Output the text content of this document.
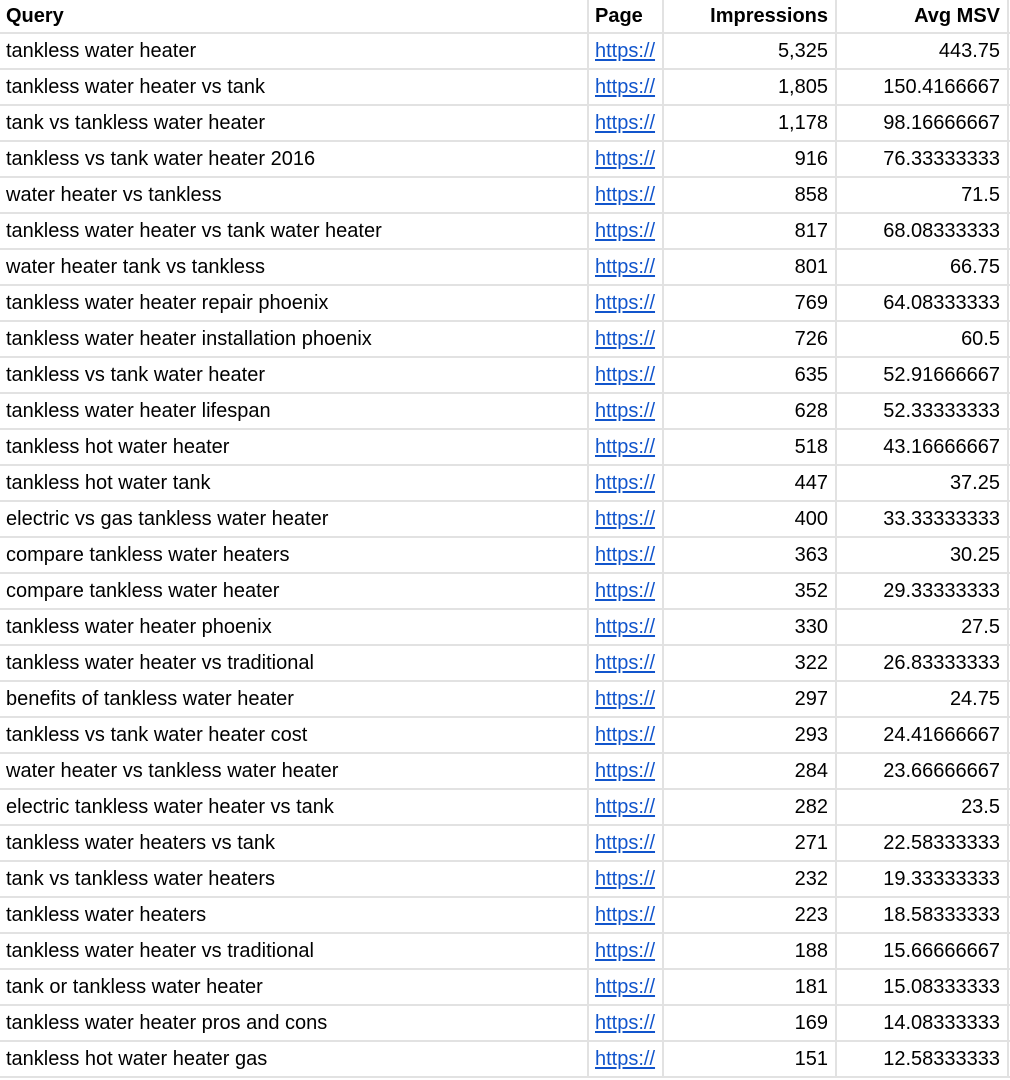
Query	Page	Impressions	Avg MSV	
tankless water heater	https://	5,325	443.75	
tankless water heater vs tank	https://	1,805	150.4166667	
tank vs tankless water heater	https://	1,178	98.16666667	
tankless vs tank water heater 2016	https://	916	76.33333333	
water heater vs tankless	https://	858	71.5	
tankless water heater vs tank water heater	https://	817	68.08333333	
water heater tank vs tankless	https://	801	66.75	
tankless water heater repair phoenix	https://	769	64.08333333	
tankless water heater installation phoenix	https://	726	60.5	
tankless vs tank water heater	https://	635	52.91666667	
tankless water heater lifespan	https://	628	52.33333333	
tankless hot water heater	https://	518	43.16666667	
tankless hot water tank	https://	447	37.25	
electric vs gas tankless water heater	https://	400	33.33333333	
compare tankless water heaters	https://	363	30.25	
compare tankless water heater	https://	352	29.33333333	
tankless water heater phoenix	https://	330	27.5	
tankless water heater vs traditional	https://	322	26.83333333	
benefits of tankless water heater	https://	297	24.75	
tankless vs tank water heater cost	https://	293	24.41666667	
water heater vs tankless water heater	https://	284	23.66666667	
electric tankless water heater vs tank	https://	282	23.5	
tankless water heaters vs tank	https://	271	22.58333333	
tank vs tankless water heaters	https://	232	19.33333333	
tankless water heaters	https://	223	18.58333333	
tankless water heater vs traditional	https://	188	15.66666667	
tank or tankless water heater	https://	181	15.08333333	
tankless water heater pros and cons	https://	169	14.08333333	
tankless hot water heater gas	https://	151	12.58333333	
